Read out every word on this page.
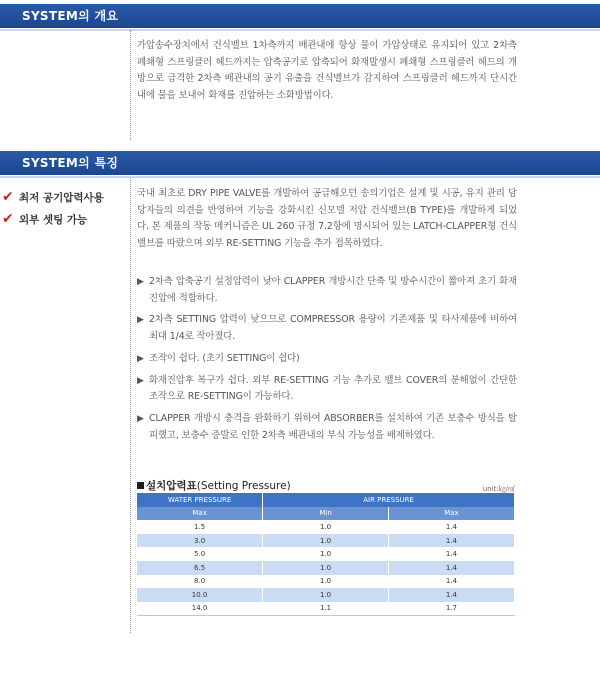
SYSTEM의 개요

가압송수장치에서 건식밸브 1차측까지 배관내에 항상 물이 가압상태로 유지되어 있고 2차측 폐쇄형 스프링클러 헤드까지는 압축공기로 압축되어 화재발생시 폐쇄형 스프링클러 헤드의 개방으로 급격한 2차측 배관내의 공기 유출을 건식밸브가 감지하여 스프링클러 헤드까지 단시간 내에 물을 보내어 화재를 진압하는 소화방법이다.

SYSTEM의 특징
✔ 최저 공기압력사용
✔ 외부 셋팅 가능

국내 최초로 DRY PIPE VALVE를 개발하여 공급해오던 송의기업은 설계 및 시공, 유지 관리 담당자들의 의견을 반영하여 기능을 강화시킨 신모델 저압 건식밸브(B TYPE)를 개발하게 되었다. 본 제품의 작동 메커니즘은 UL 260 규정 7.2항에 명시되어 있는 LATCH-CLAPPER형 건식밸브를 따랐으며 외부 RE-SETTING 기능을 추가 접목하였다.

▶ 2차측 압축공기 설정압력이 낮아 CLAPPER 개방시간 단축 및 방수시간이 짧아져 초기 화재진압에 적합하다.
▶ 2차측 SETTING 압력이 낮으므로 COMPRESSOR 용량이 기존제품 및 타사제품에 비하여 최대 1/4로 작아졌다.
▶ 조작이 쉽다. (초기 SETTING이 쉽다)
▶ 화재진압후 복구가 쉽다. 외부 RE-SETTING 기능 추가로 밸브 COVER의 분해없이 간단한 조작으로 RE-SETTING이 가능하다.
▶ CLAPPER 개방시 충격을 완화하기 위하여 ABSORBER를 설치하여 기존 보충수 방식을 탈피했고, 보충수 증발로 인한 2차측 배관내의 부식 가능성을 배제하였다.
설치압력표 (Setting Pressure)	unit:㎏/㎠
WATER PRESSURE	AIR PRESSURE	
Max	Min	Max
1.5	1.0	1.4
3.0	1.0	1.4
5.0	1.0	1.4
6.5	1.0	1.4
8.0	1.0	1.4
10.0	1.0	1.4
14.0	1.1	1.7
